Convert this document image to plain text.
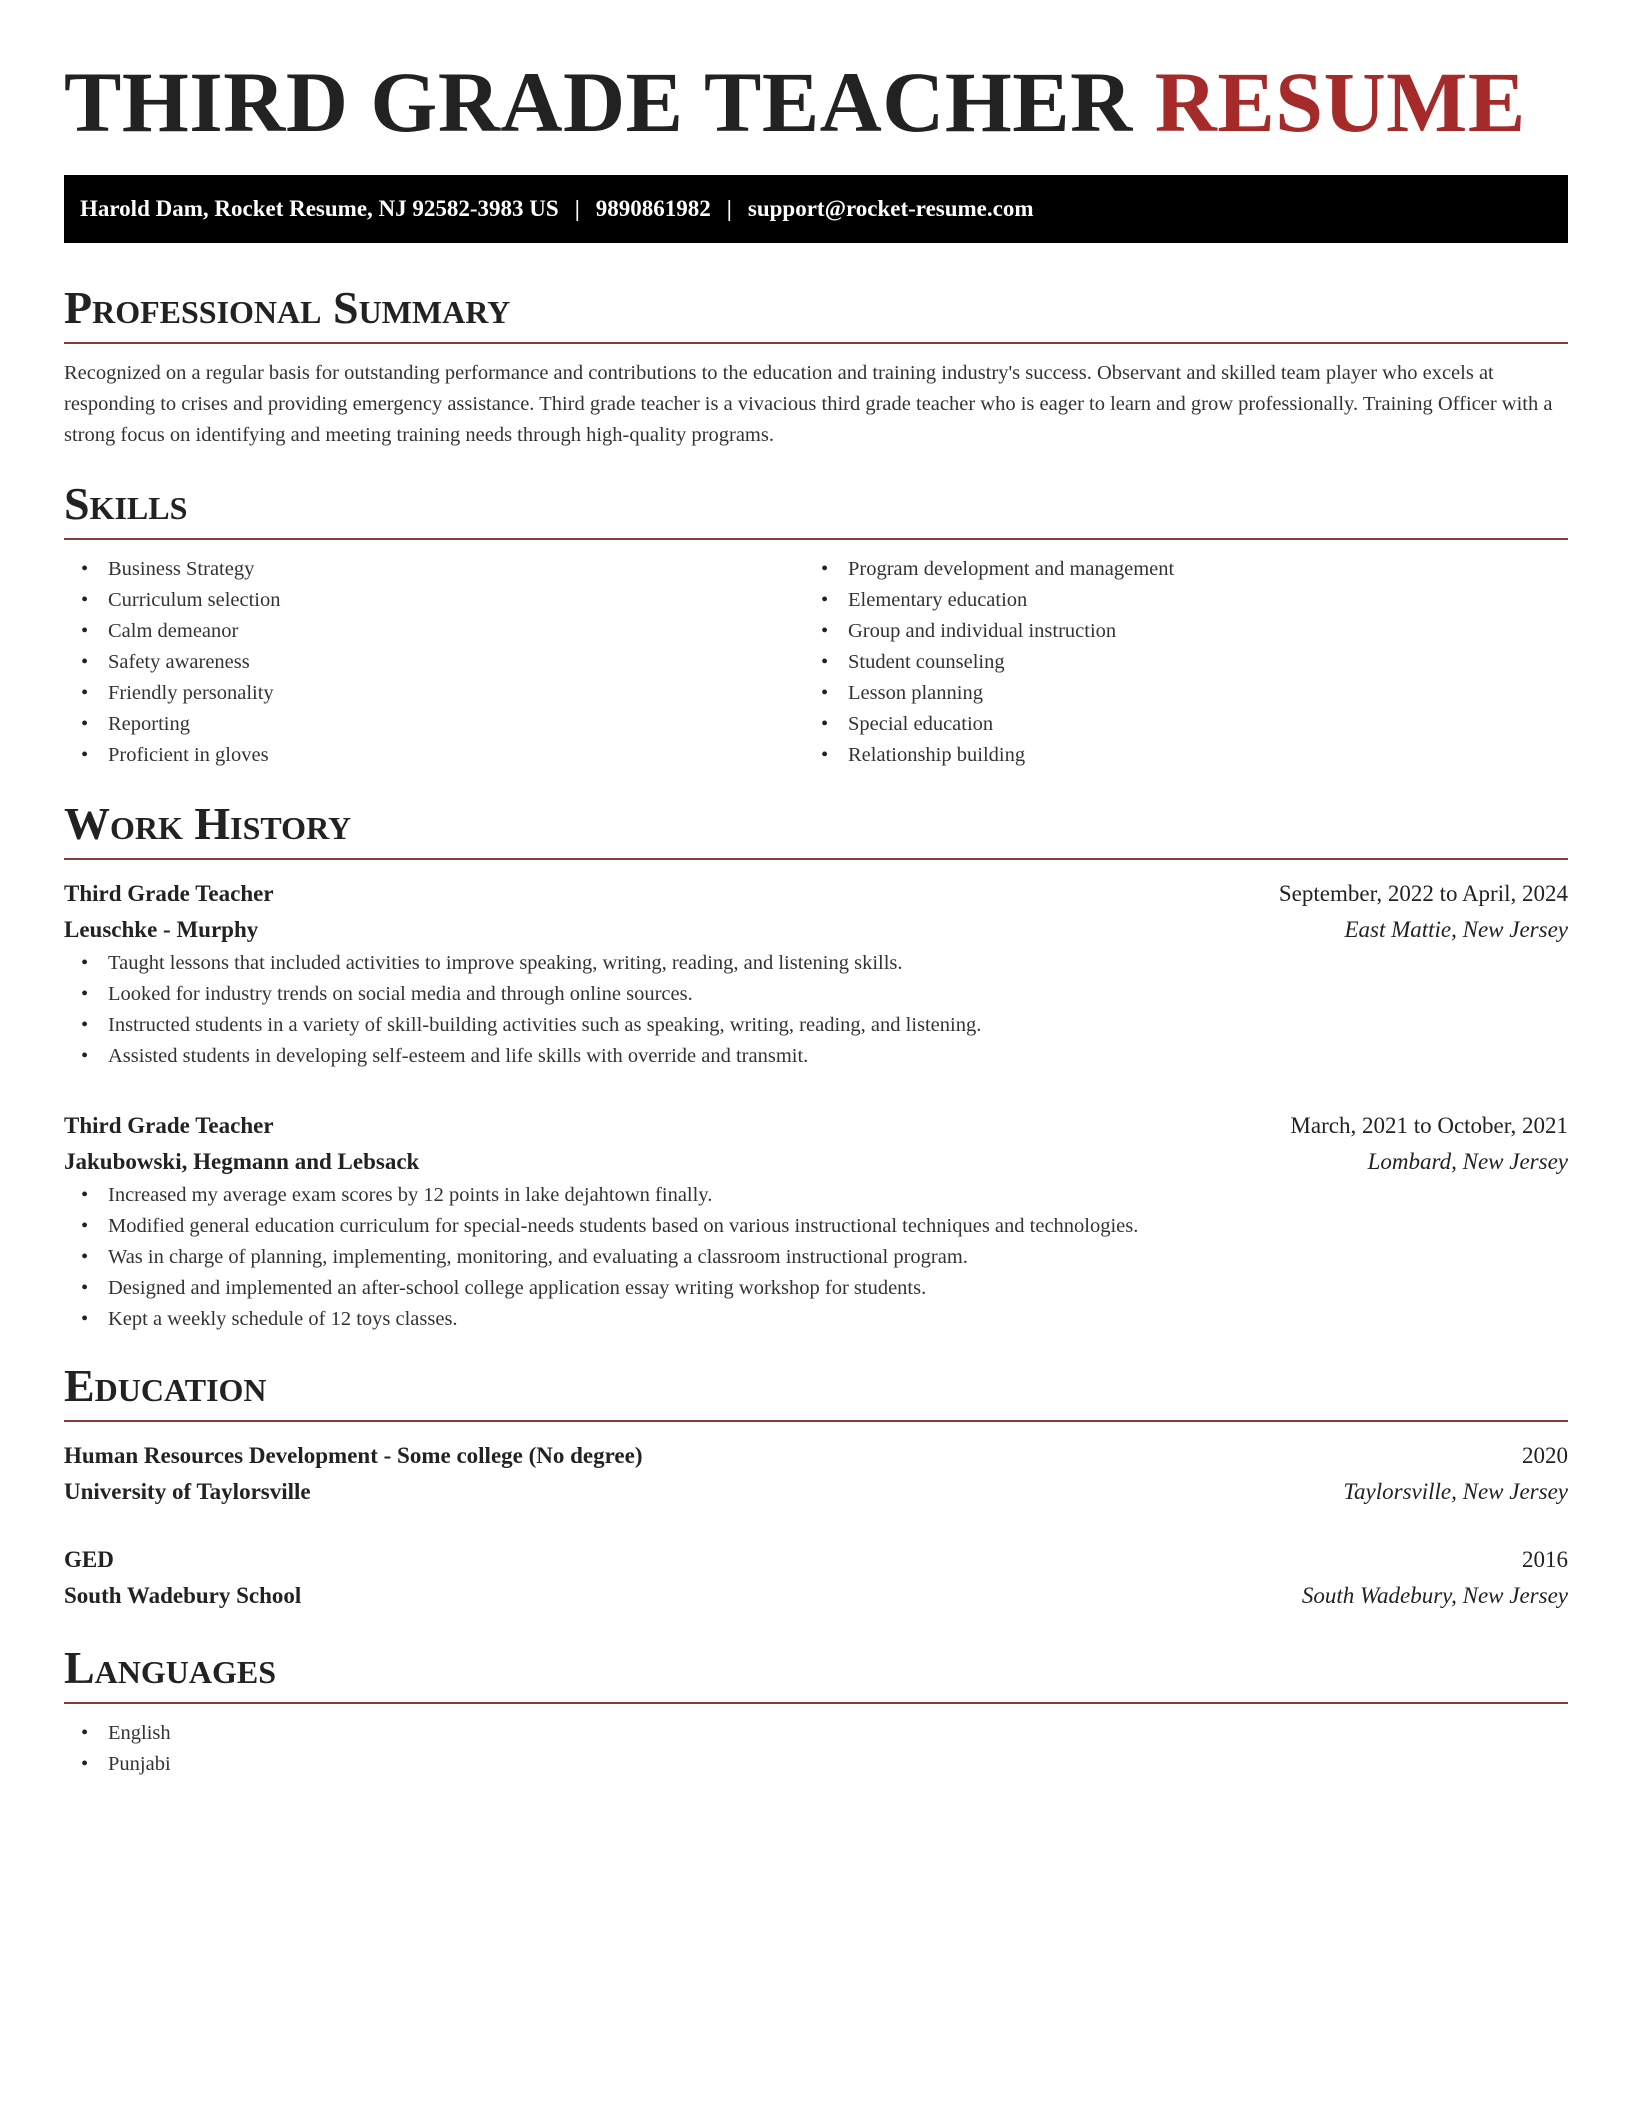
THIRD GRADE TEACHER RESUME
Harold Dam, Rocket Resume, NJ 92582-3983 US | 9890861982 | support@rocket-resume.com
Professional Summary

Recognized on a regular basis for outstanding performance and contributions to the education and training industry's success. Observant and skilled team player who excels at responding to crises and providing emergency assistance. Third grade teacher is a vivacious third grade teacher who is eager to learn and grow professionally. Training Officer with a strong focus on identifying and meeting training needs through high-quality programs.

Skills
• Business Strategy
• Curriculum selection
• Calm demeanor
• Safety awareness
• Friendly personality
• Reporting
• Proficient in gloves
• Program development and management
• Elementary education
• Group and individual instruction
• Student counseling
• Lesson planning
• Special education
• Relationship building
Work History
Third Grade Teacher	September, 2022 to April, 2024
Leuschke - Murphy	East Mattie, New Jersey
• Taught lessons that included activities to improve speaking, writing, reading, and listening skills.
• Looked for industry trends on social media and through online sources.
• Instructed students in a variety of skill-building activities such as speaking, writing, reading, and listening.
• Assisted students in developing self-esteem and life skills with override and transmit.
Third Grade Teacher	March, 2021 to October, 2021
Jakubowski, Hegmann and Lebsack	Lombard, New Jersey
• Increased my average exam scores by 12 points in lake dejahtown finally.
• Modified general education curriculum for special-needs students based on various instructional techniques and technologies.
• Was in charge of planning, implementing, monitoring, and evaluating a classroom instructional program.
• Designed and implemented an after-school college application essay writing workshop for students.
• Kept a weekly schedule of 12 toys classes.
Education
Human Resources Development - Some college (No degree)	2020
University of Taylorsville	Taylorsville, New Jersey
GED	2016
South Wadebury School	South Wadebury, New Jersey
Languages
• English
• Punjabi
